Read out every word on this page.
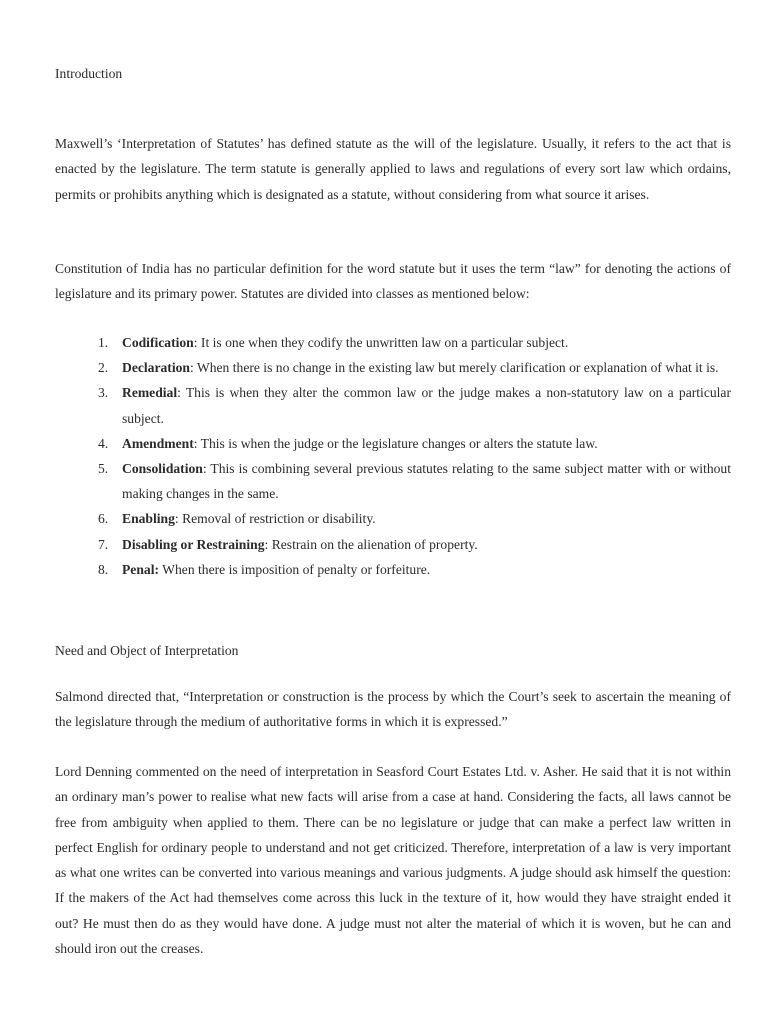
Introduction

Maxwell’s ‘Interpretation of Statutes’ has defined statute as the will of the legislature. Usually, it refers to the act that is enacted by the legislature. The term statute is generally applied to laws and regulations of every sort law which ordains, permits or prohibits anything which is designated as a statute, without considering from what source it arises.

Constitution of India has no particular definition for the word statute but it uses the term “law” for denoting the actions of legislature and its primary power. Statutes are divided into classes as mentioned below:

1. Codification: It is one when they codify the unwritten law on a particular subject.
2. Declaration: When there is no change in the existing law but merely clarification or explanation of what it is.
3. Remedial: This is when they alter the common law or the judge makes a non-statutory law on a particular subject.
4. Amendment: This is when the judge or the legislature changes or alters the statute law.
5. Consolidation: This is combining several previous statutes relating to the same subject matter with or without making changes in the same.
6. Enabling: Removal of restriction or disability.
7. Disabling or Restraining: Restrain on the alienation of property.
8. Penal: When there is imposition of penalty or forfeiture.
Need and Object of Interpretation

Salmond directed that, “Interpretation or construction is the process by which the Court’s seek to ascertain the meaning of the legislature through the medium of authoritative forms in which it is expressed.”

Lord Denning commented on the need of interpretation in Seasford Court Estates Ltd. v. Asher. He said that it is not within an ordinary man’s power to realise what new facts will arise from a case at hand. Considering the facts, all laws cannot be free from ambiguity when applied to them. There can be no legislature or judge that can make a perfect law written in perfect English for ordinary people to understand and not get criticized. Therefore, interpretation of a law is very important as what one writes can be converted into various meanings and various judgments. A judge should ask himself the question: If the makers of the Act had themselves come across this luck in the texture of it, how would they have straight ended it out? He must then do as they would have done. A judge must not alter the material of which it is woven, but he can and should iron out the creases.
